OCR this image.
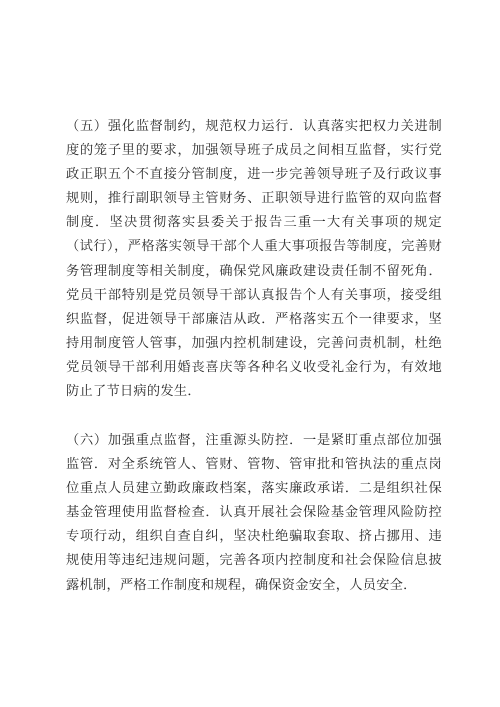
（五）强化监督制约，规范权力运行．认真落实把权力关进制度的笼子里的要求，加强领导班子成员之间相互监督，实行党政正职五个不直接分管制度，进一步完善领导班子及行政议事规则，推行副职领导主管财务、正职领导进行监管的双向监督制度．坚决贯彻落实县委关于报告三重一大有关事项的规定（试行），严格落实领导干部个人重大事项报告等制度，完善财务管理制度等相关制度，确保党风廉政建设责任制不留死角．党员干部特别是党员领导干部认真报告个人有关事项，接受组织监督，促进领导干部廉洁从政．严格落实五个一律要求，坚持用制度管人管事，加强内控机制建设，完善问责机制，杜绝党员领导干部利用婚丧喜庆等各种名义收受礼金行为，有效地防止了节日病的发生．

（六）加强重点监督，注重源头防控．一是紧盯重点部位加强监管．对全系统管人、管财、管物、管审批和管执法的重点岗位重点人员建立勤政廉政档案，落实廉政承诺．二是组织社保基金管理使用监督检查．认真开展社会保险基金管理风险防控专项行动，组织自查自纠，坚决杜绝骗取套取、挤占挪用、违规使用等违纪违规问题，完善各项内控制度和社会保险信息披露机制，严格工作制度和规程，确保资金安全，人员安全．
